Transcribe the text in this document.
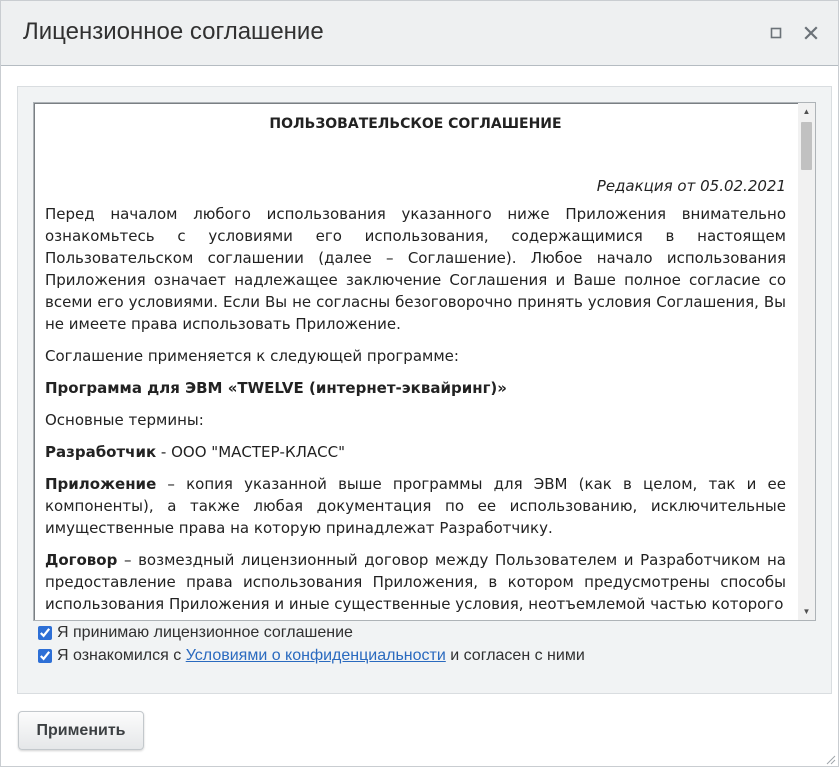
Лицензионное соглашение

ПОЛЬЗОВАТЕЛЬСКОЕ СОГЛАШЕНИЕ

Редакция от 05.02.2021

Перед началом любого использования указанного ниже Приложения внимательно ознакомьтесь с условиями его использования, содержащимися в настоящем Пользовательском соглашении (далее – Соглашение). Любое начало использования Приложения означает надлежащее заключение Соглашения и Ваше полное согласие со всеми его условиями. Если Вы не согласны безоговорочно принять условия Соглашения, Вы не имеете права использовать Приложение.

Соглашение применяется к следующей программе:

Программа для ЭВМ «TWELVE (интернет-эквайринг)»

Основные термины:

Разработчик - ООО "МАСТЕР-КЛАСС"

Приложение – копия указанной выше программы для ЭВМ (как в целом, так и ее компоненты), а также любая документация по ее использованию, исключительные имущественные права на которую принадлежат Разработчику.

Договор – возмездный лицензионный договор между Пользователем и Разработчиком на предоставление права использования Приложения, в котором предусмотрены способы использования Приложения и иные существенные условия, неотъемлемой частью которого

▲
▼
Я принимаю лицензионное соглашение
Я ознакомился с Условиями о конфиденциальности и согласен с ними
Применить
